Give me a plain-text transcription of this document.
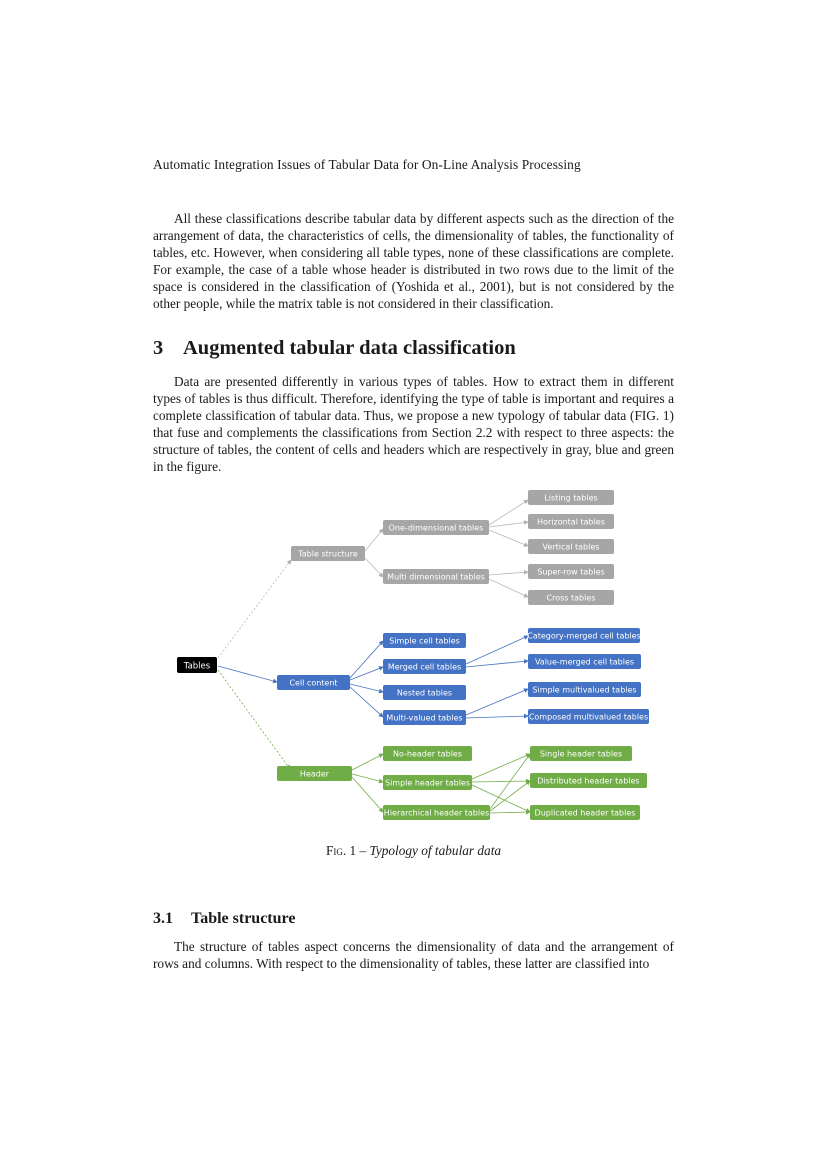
Automatic Integration Issues of Tabular Data for On-Line Analysis Processing

All these classifications describe tabular data by different aspects such as the direction of the arrangement of data, the characteristics of cells, the dimensionality of tables, the functionality of tables, etc. However, when considering all table types, none of these classifications are complete. For example, the case of a table whose header is distributed in two rows due to the limit of the space is considered in the classification of (Yoshida et al., 2001), but is not considered by the other people, while the matrix table is not considered in their classification.

3 Augmented tabular data classification

Data are presented differently in various types of tables. How to extract them in different types of tables is thus difficult. Therefore, identifying the type of table is important and requires a complete classification of tabular data. Thus, we propose a new typology of tabular data (FIG. 1) that fuse and complements the classifications from Section 2.2 with respect to three aspects: the structure of tables, the content of cells and headers which are respectively in gray, blue and green in the figure.

Tables
Table structure
One-dimensional tables
Multi dimensional tables
Listing tables
Horizontal tables
Vertical tables
Super-row tables
Cross tables
Cell content
Simple cell tables
Merged cell tables
Nested tables
Multi-valued tables
Category-merged cell tables
Value-merged cell tables
Simple multivalued tables
Composed multivalued tables
Header
No-header tables
Simple header tables
Hierarchical header tables
Single header tables
Distributed header tables
Duplicated header tables
Fig. 1 – Typology of tabular data
3.1 Table structure

The structure of tables aspect concerns the dimensionality of data and the arrangement of rows and columns. With respect to the dimensionality of tables, these latter are classified into
